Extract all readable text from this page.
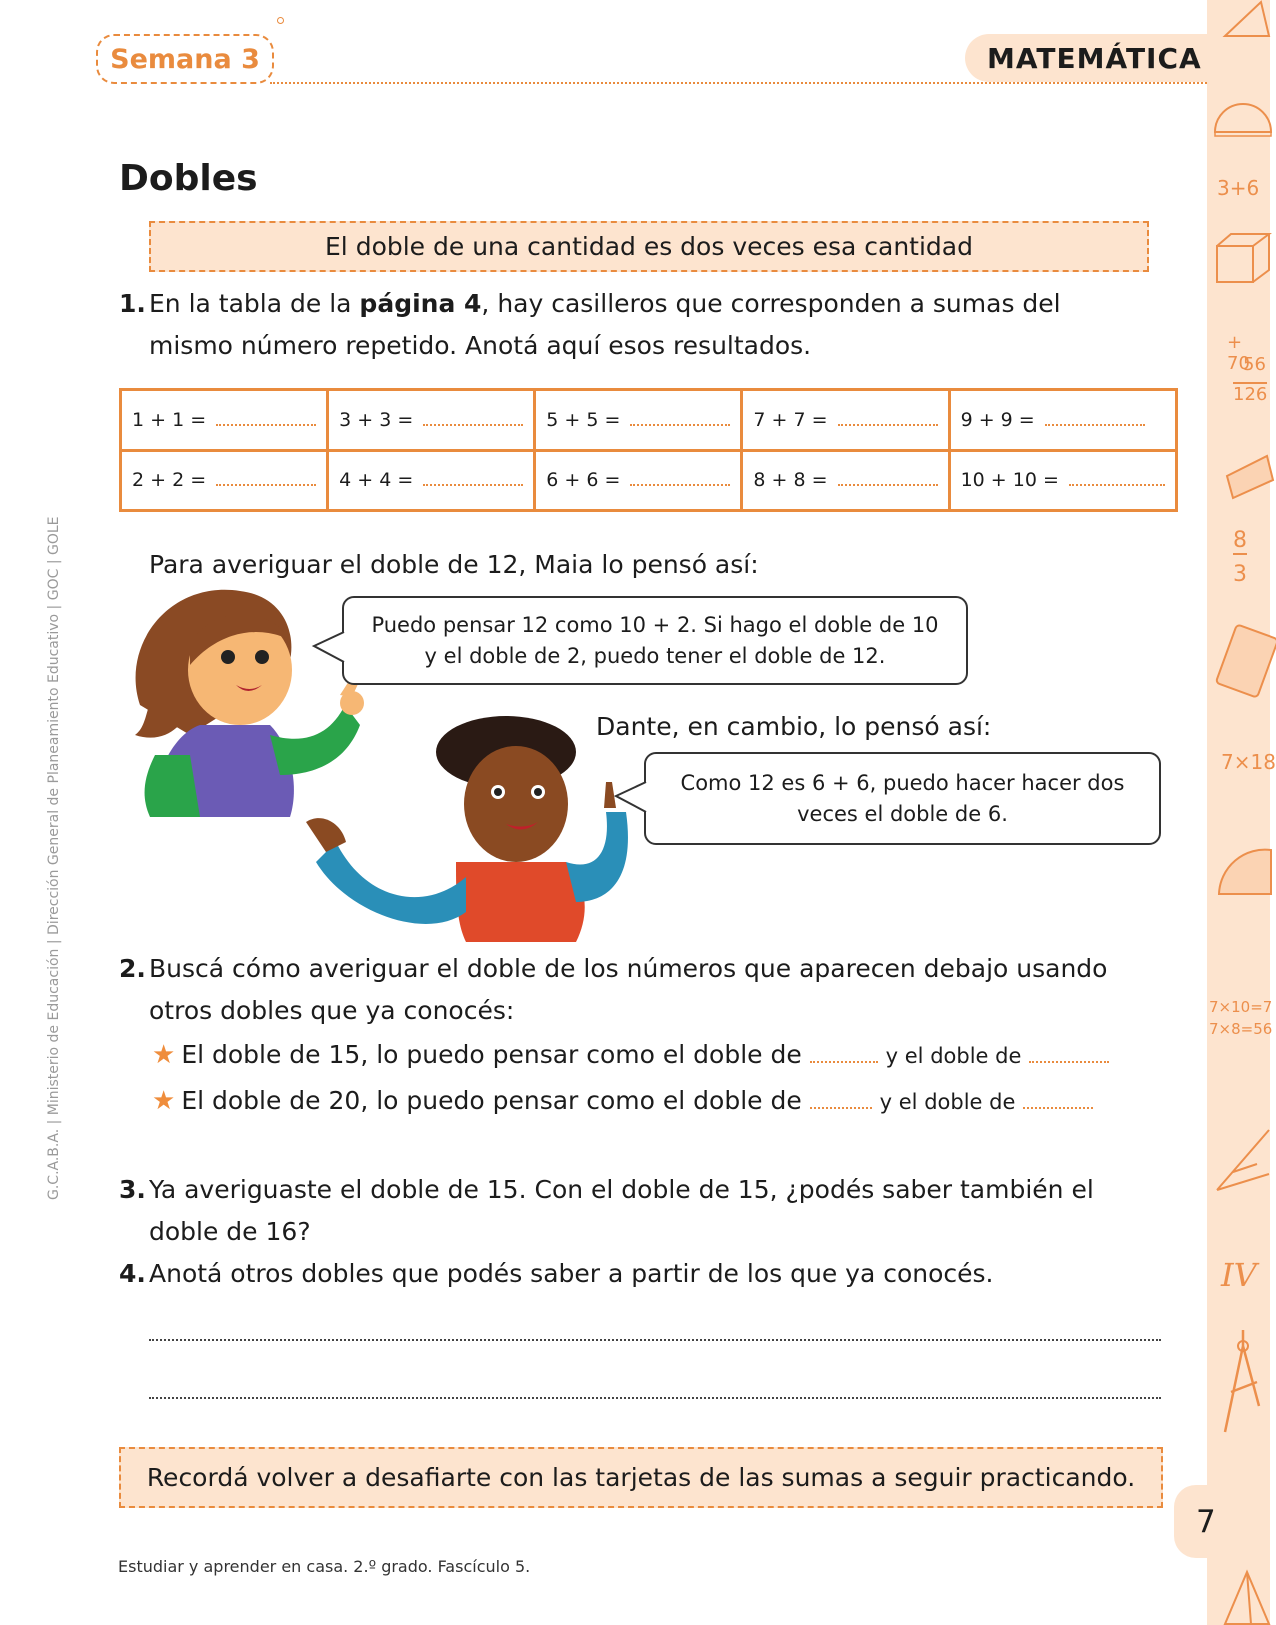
3+6
+ 70
56
126
8
3
7×18
7×10=7
7×8=56
IV
Semana 3	MATEMÁTICA
Dobles
El doble de una cantidad es dos veces esa cantidad
1. En la tabla de la página 4, hay casilleros que corresponden a sumas del
mismo número repetido. Anotá aquí esos resultados.
1 + 1 =	3 + 3 =	5 + 5 =	7 + 7 =	9 + 9 =
2 + 2 =	4 + 4 =	6 + 6 =	8 + 8 =	10 + 10 =
Para averiguar el doble de 12, Maia lo pensó así:
Puedo pensar 12 como 10 + 2. Si hago el doble de 10
y el doble de 2, puedo tener el doble de 12.
Dante, en cambio, lo pensó así:
Como 12 es 6 + 6, puedo hacer hacer dos
veces el doble de 6.
2. Buscá cómo averiguar el doble de los números que aparecen debajo usando
otros dobles que ya conocés:
★ El doble de 15, lo puedo pensar como el doble de	y el doble de
★ El doble de 20, lo puedo pensar como el doble de	y el doble de
3. Ya averiguaste el doble de 15. Con el doble de 15, ¿podés saber también el
doble de 16?
4. Anotá otros dobles que podés saber a partir de los que ya conocés.
Recordá volver a desafiarte con las tarjetas de las sumas a seguir practicando.
7
Estudiar y aprender en casa. 2.º grado. Fascículo 5.
G.C.A.B.A. | Ministerio de Educación | Dirección General de Planeamiento Educativo | GOC | GOLE
